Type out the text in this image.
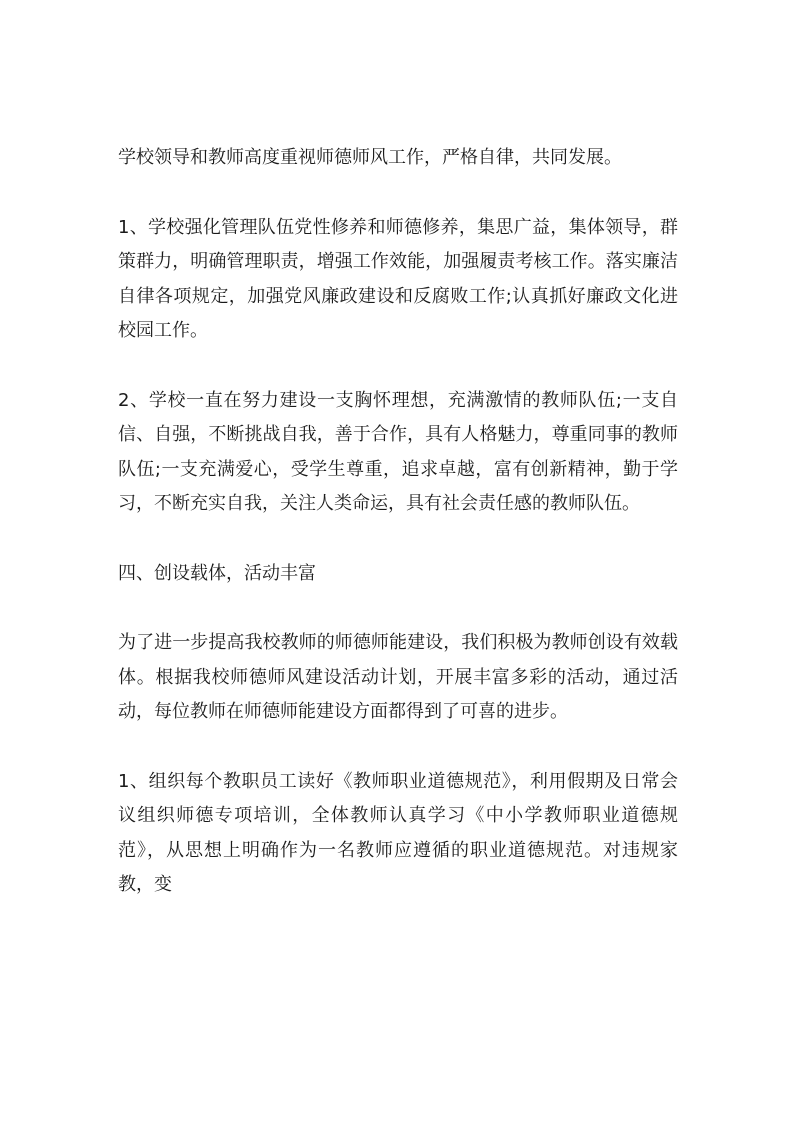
学校领导和教师高度重视师德师风工作，严格自律，共同发展。

1、学校强化管理队伍党性修养和师德修养，集思广益，集体领导，群策群力，明确管理职责，增强工作效能，加强履责考核工作。落实廉洁自律各项规定，加强党风廉政建设和反腐败工作;认真抓好廉政文化进校园工作。

2、学校一直在努力建设一支胸怀理想，充满激情的教师队伍;一支自信、自强，不断挑战自我，善于合作，具有人格魅力，尊重同事的教师队伍;一支充满爱心，受学生尊重，追求卓越，富有创新精神，勤于学习，不断充实自我，关注人类命运，具有社会责任感的教师队伍。

四、创设载体，活动丰富

为了进一步提高我校教师的师德师能建设，我们积极为教师创设有效载体。根据我校师德师风建设活动计划，开展丰富多彩的活动，通过活动，每位教师在师德师能建设方面都得到了可喜的进步。

1、组织每个教职员工读好《教师职业道德规范》，利用假期及日常会议组织师德专项培训，全体教师认真学习《中小学教师职业道德规范》，从思想上明确作为一名教师应遵循的职业道德规范。对违规家教，变
